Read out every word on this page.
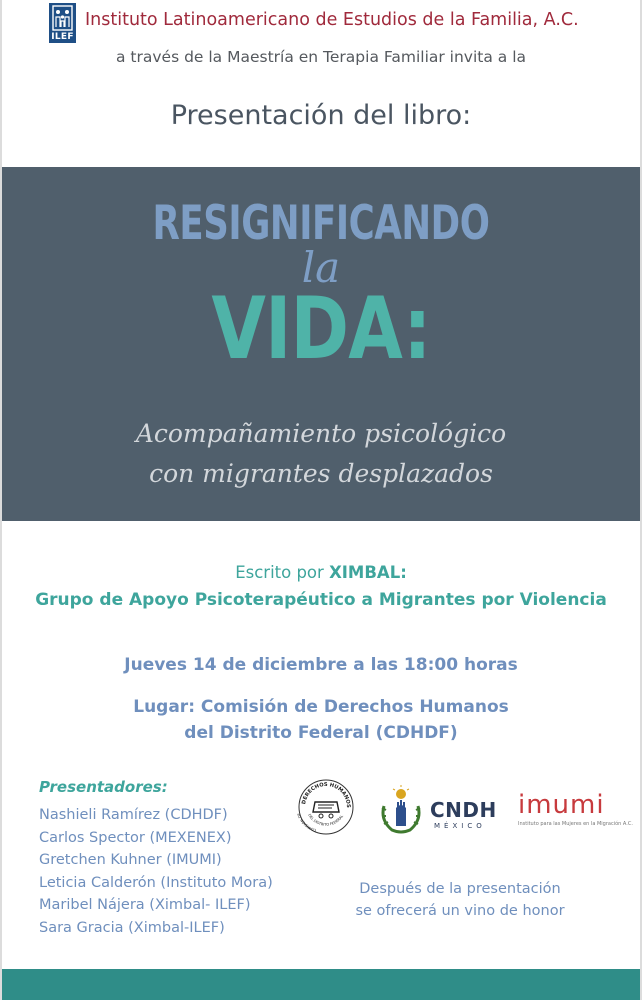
ILEF
Instituto Latinoamericano de Estudios de la Familia, A.C.
a través de la Maestría en Terapia Familiar invita a la
Presentación del libro:
RESIGNIFICANDO
la
VIDA:
Acompañamiento psicológico
con migrantes desplazados
Escrito por XIMBAL:
Grupo de Apoyo Psicoterapéutico a Migrantes por Violencia
Jueves 14 de diciembre a las 18:00 horas
Lugar: Comisión de Derechos Humanos
del Distrito Federal (CDHDF)
Presentadores:
Nashieli Ramírez (CDHDF)
Carlos Spector (MEXENEX)
Gretchen Kuhner (IMUMI)
Leticia Calderón (Instituto Mora)
Maribel Nájera (Ximbal- ILEF)
Sara Gracia (Ximbal-ILEF)
DERECHOS HUMANOS
DEL DISTRITO FEDERAL
COMISIÓN DE	CNDH
MÉXICO
imumi
Instituto para las Mujeres en la Migración A.C.
Después de la presentación
se ofrecerá un vino de honor
